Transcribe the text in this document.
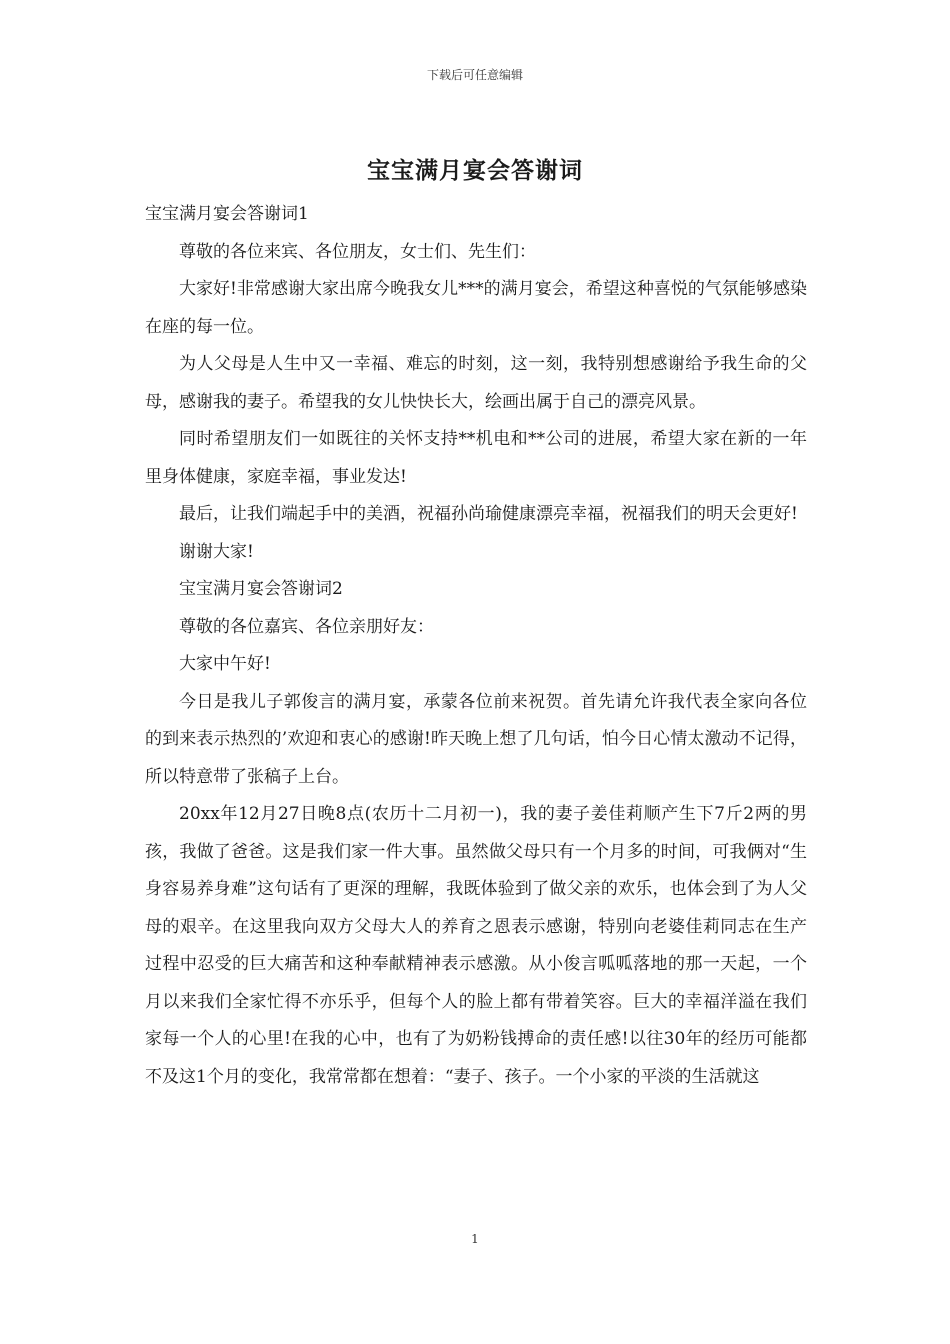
下载后可任意编辑
宝宝满月宴会答谢词

宝宝满月宴会答谢词1

尊敬的各位来宾、各位朋友，女士们、先生们：

大家好!非常感谢大家出席今晚我女儿***的满月宴会，希望这种喜悦的气氛能够感染在座的每一位。

为人父母是人生中又一幸福、难忘的时刻，这一刻，我特别想感谢给予我生命的父母，感谢我的妻子。希望我的女儿快快长大，绘画出属于自己的漂亮风景。

同时希望朋友们一如既往的关怀支持**机电和**公司的进展，希望大家在新的一年里身体健康，家庭幸福，事业发达!

最后，让我们端起手中的美酒，祝福孙尚瑜健康漂亮幸福，祝福我们的明天会更好!

谢谢大家!

宝宝满月宴会答谢词2

尊敬的各位嘉宾、各位亲朋好友：

大家中午好!

今日是我儿子郭俊言的满月宴，承蒙各位前来祝贺。首先请允许我代表全家向各位的到来表示热烈的’欢迎和衷心的感谢!昨天晚上想了几句话，怕今日心情太激动不记得，所以特意带了张稿子上台。

20xx年12月27日晚8点(农历十二月初一)，我的妻子姜佳莉顺产生下7斤2两的男孩，我做了爸爸。这是我们家一件大事。虽然做父母只有一个月多的时间，可我俩对“生身容易养身难”这句话有了更深的理解，我既体验到了做父亲的欢乐，也体会到了为人父母的艰辛。在这里我向双方父母大人的养育之恩表示感谢，特别向老婆佳莉同志在生产过程中忍受的巨大痛苦和这种奉献精神表示感激。从小俊言呱呱落地的那一天起，一个月以来我们全家忙得不亦乐乎，但每个人的脸上都有带着笑容。巨大的幸福洋溢在我们家每一个人的心里!在我的心中，也有了为奶粉钱搏命的责任感!以往30年的经历可能都不及这1个月的变化，我常常都在想着：“妻子、孩子。一个小家的平淡的生活就这

1
